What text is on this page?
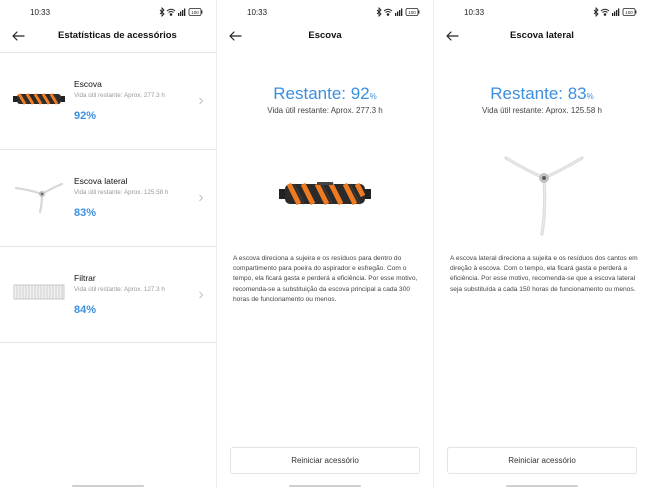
10:33	100
Estatísticas de acessórios
Escova
Vida útil restante: Aprox. 277.3 h
92%
Escova lateral
Vida útil restante: Aprox. 125.58 h
83%
Filtrar
Vida útil restante: Aprox. 127.3 h
84%
10:33	100
Escova
Restante: 92%
Vida útil restante: Aprox. 277.3 h
A escova direciona a sujeira e os resíduos para dentro do compartimento para poeira do aspirador e esfregão. Com o tempo, ela ficará gasta e perderá a eficiência. Por esse motivo, recomenda-se a substituição da escova principal a cada 300 horas de funcionamento ou menos.
Reiniciar acessório
10:33	100
Escova lateral
Restante: 83%
Vida útil restante: Aprox. 125.58 h
A escova lateral direciona a sujeita e os resíduos dos cantos em direção à escova. Com o tempo, ela ficará gasta e perderá a eficiência. Por esse motivo, recomenda-se que a escova lateral seja substituída a cada 150 horas de funcionamento ou menos.
Reiniciar acessório
